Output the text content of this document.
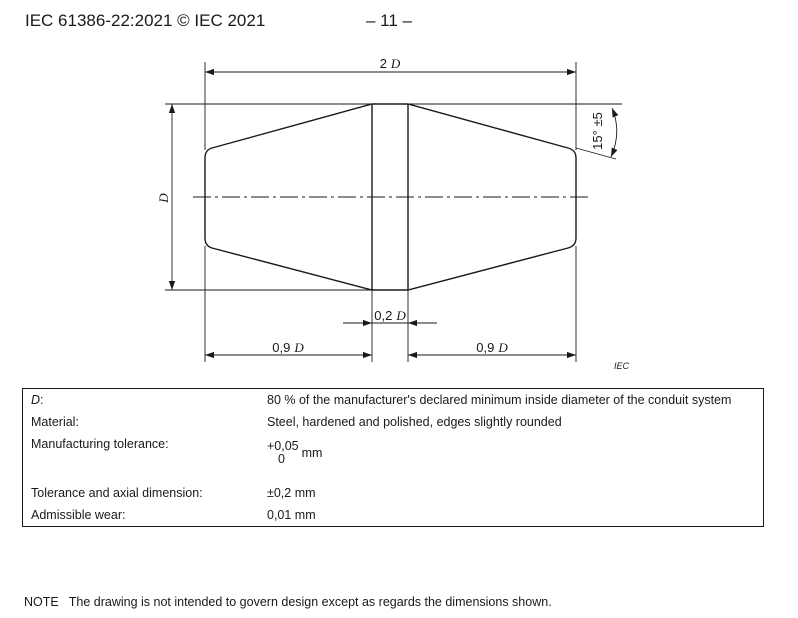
IEC 61386-22:2021 © IEC 2021	– 11 –
2 D
D
0,9 D	0,9 D
0,2 D
15° ±5
IEC
D:	80 % of the manufacturer's declared minimum inside diameter of the conduit system
Material:	Steel, hardened and polished, edges slightly rounded
Manufacturing tolerance:	+0,05
0 mm

Tolerance and axial dimension:	±0,2 mm
Admissible wear:	0,01 mm
NOTE The drawing is not intended to govern design except as regards the dimensions shown.
